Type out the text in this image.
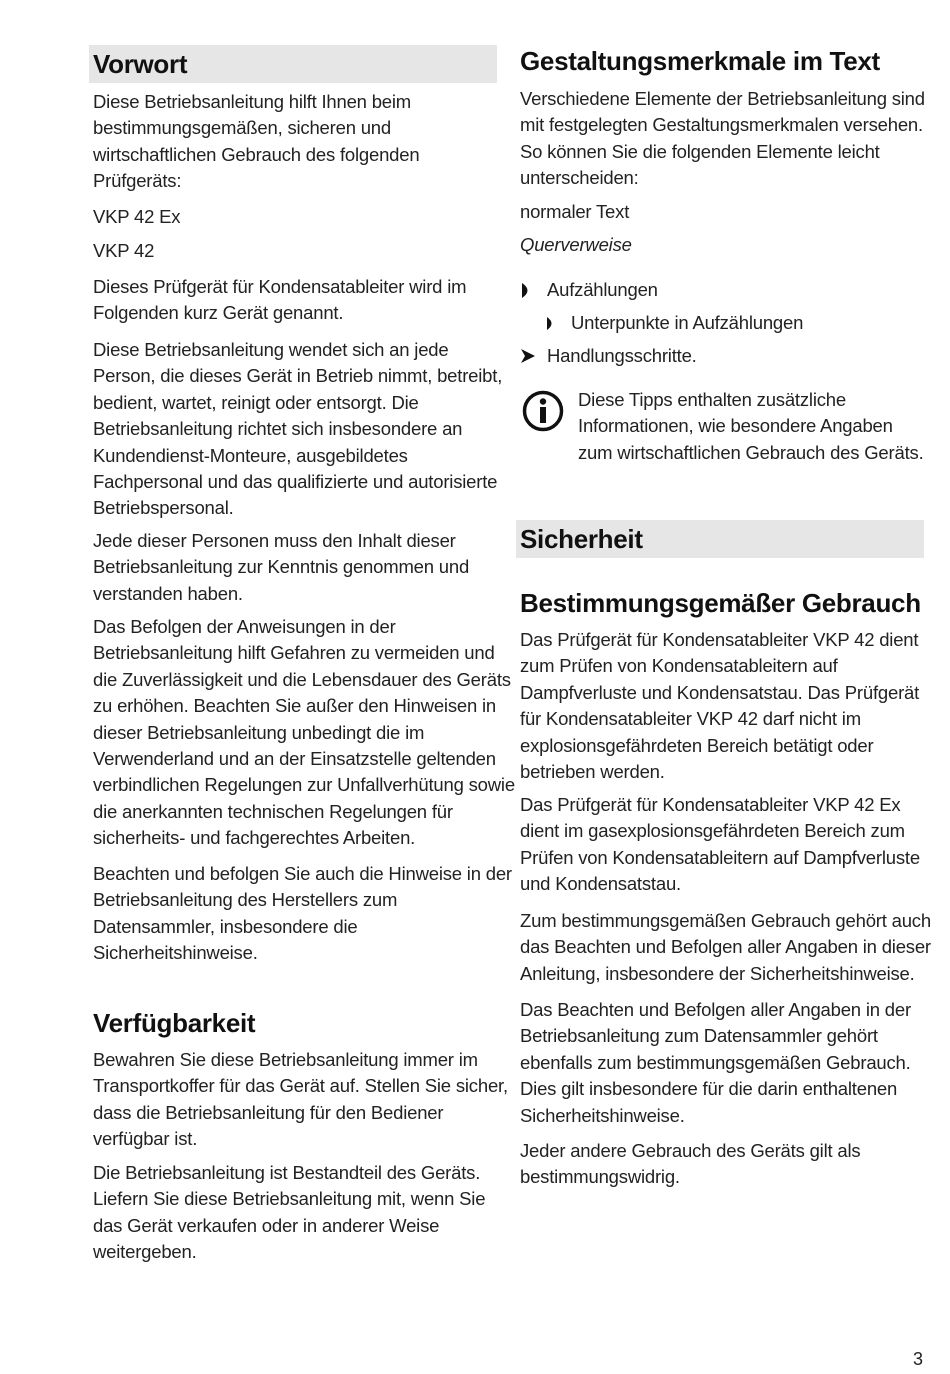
Vorwort
Diese Betriebsanleitung hilft Ihnen beim
bestimmungsgemäßen, sicheren und
wirtschaftlichen Gebrauch des folgenden
Prüfgeräts:
VKP 42 Ex
VKP 42
Dieses Prüfgerät für Kondensatableiter wird im
Folgenden kurz Gerät genannt.
Diese Betriebsanleitung wendet sich an jede
Person, die dieses Gerät in Betrieb nimmt, betreibt,
bedient, wartet, reinigt oder entsorgt. Die
Betriebsanleitung richtet sich insbesondere an
Kundendienst-Monteure, ausgebildetes
Fachpersonal und das qualifizierte und autorisierte
Betriebspersonal.
Jede dieser Personen muss den Inhalt dieser
Betriebsanleitung zur Kenntnis genommen und
verstanden haben.
Das Befolgen der Anweisungen in der
Betriebsanleitung hilft Gefahren zu vermeiden und
die Zuverlässigkeit und die Lebensdauer des Geräts
zu erhöhen. Beachten Sie außer den Hinweisen in
dieser Betriebsanleitung unbedingt die im
Verwenderland und an der Einsatzstelle geltenden
verbindlichen Regelungen zur Unfallverhütung sowie
die anerkannten technischen Regelungen für
sicherheits- und fachgerechtes Arbeiten.
Beachten und befolgen Sie auch die Hinweise in der
Betriebsanleitung des Herstellers zum
Datensammler, insbesondere die
Sicherheitshinweise.
Verfügbarkeit
Bewahren Sie diese Betriebsanleitung immer im
Transportkoffer für das Gerät auf. Stellen Sie sicher,
dass die Betriebsanleitung für den Bediener
verfügbar ist.
Die Betriebsanleitung ist Bestandteil des Geräts.
Liefern Sie diese Betriebsanleitung mit, wenn Sie
das Gerät verkaufen oder in anderer Weise
weitergeben.
Gestaltungsmerkmale im Text
Verschiedene Elemente der Betriebsanleitung sind
mit festgelegten Gestaltungsmerkmalen versehen.
So können Sie die folgenden Elemente leicht
unterscheiden:
normaler Text
Querverweise
Aufzählungen
Unterpunkte in Aufzählungen
Handlungsschritte.
Diese Tipps enthalten zusätzliche
Informationen, wie besondere Angaben
zum wirtschaftlichen Gebrauch des Geräts.
Sicherheit
Bestimmungsgemäßer Gebrauch
Das Prüfgerät für Kondensatableiter VKP 42 dient
zum Prüfen von Kondensatableitern auf
Dampfverluste und Kondensatstau. Das Prüfgerät
für Kondensatableiter VKP 42 darf nicht im
explosionsgefährdeten Bereich betätigt oder
betrieben werden.
Das Prüfgerät für Kondensatableiter VKP 42 Ex
dient im gasexplosionsgefährdeten Bereich zum
Prüfen von Kondensatableitern auf Dampfverluste
und Kondensatstau.
Zum bestimmungsgemäßen Gebrauch gehört auch
das Beachten und Befolgen aller Angaben in dieser
Anleitung, insbesondere der Sicherheitshinweise.
Das Beachten und Befolgen aller Angaben in der
Betriebsanleitung zum Datensammler gehört
ebenfalls zum bestimmungsgemäßen Gebrauch.
Dies gilt insbesondere für die darin enthaltenen
Sicherheitshinweise.
Jeder andere Gebrauch des Geräts gilt als
bestimmungswidrig.
3
